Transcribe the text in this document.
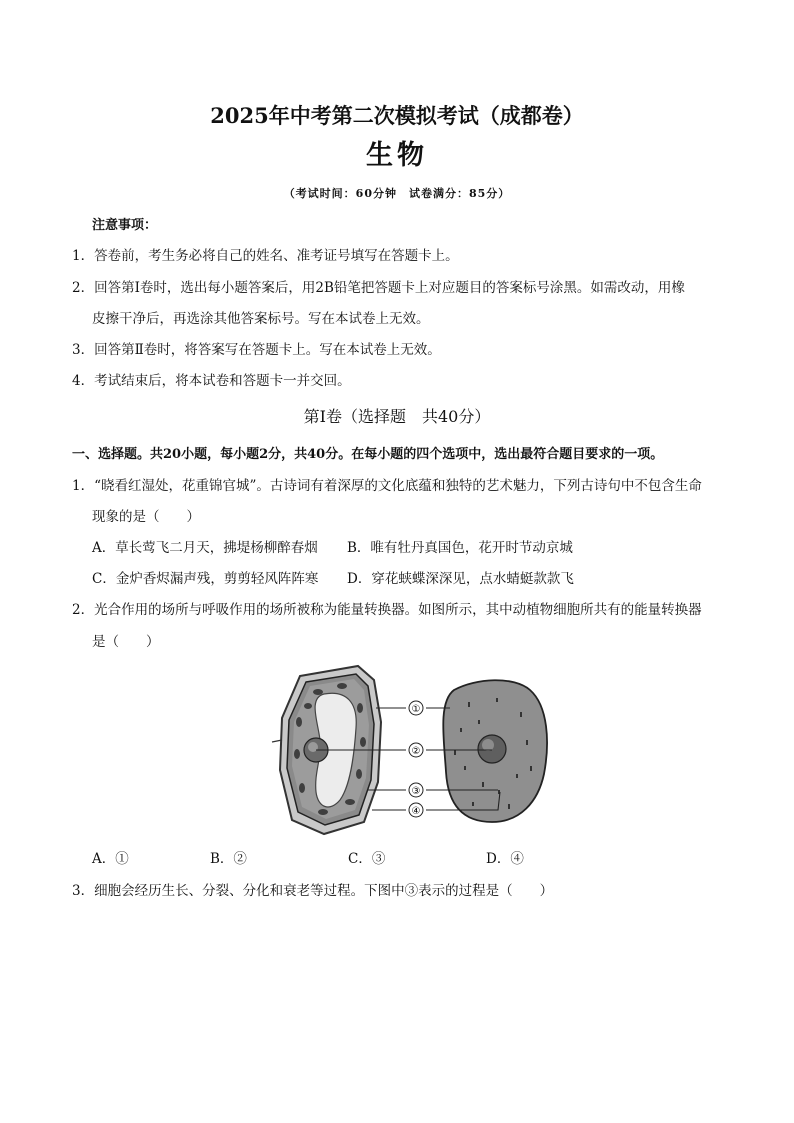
2025年中考第二次模拟考试（成都卷）
生物
（考试时间：60分钟　试卷满分：85分）
注意事项：
1．答卷前，考生务必将自己的姓名、准考证号填写在答题卡上。
2．回答第Ⅰ卷时，选出每小题答案后，用2B铅笔把答题卡上对应题目的答案标号涂黑。如需改动，用橡
皮擦干净后，再选涂其他答案标号。写在本试卷上无效。
3．回答第Ⅱ卷时，将答案写在答题卡上。写在本试卷上无效。
4．考试结束后，将本试卷和答题卡一并交回。
第Ⅰ卷（选择题　共40分）
一、选择题。共20小题，每小题2分，共40分。在每小题的四个选项中，选出最符合题目要求的一项。
1．“晓看红湿处，花重锦官城”。古诗词有着深厚的文化底蕴和独特的艺术魅力，下列古诗句中不包含生命
现象的是（　　）
A．草长莺飞二月天，拂堤杨柳醉春烟 B．唯有牡丹真国色，花开时节动京城
C．金炉香烬漏声残，剪剪轻风阵阵寒 D．穿花蛱蝶深深见，点水蜻蜓款款飞
2．光合作用的场所与呼吸作用的场所被称为能量转换器。如图所示，其中动植物细胞所共有的能量转换器
是（　　）
①
②
③
④
A．①	B．②	C．③	D．④
3．细胞会经历生长、分裂、分化和衰老等过程。下图中③表示的过程是（　　）
